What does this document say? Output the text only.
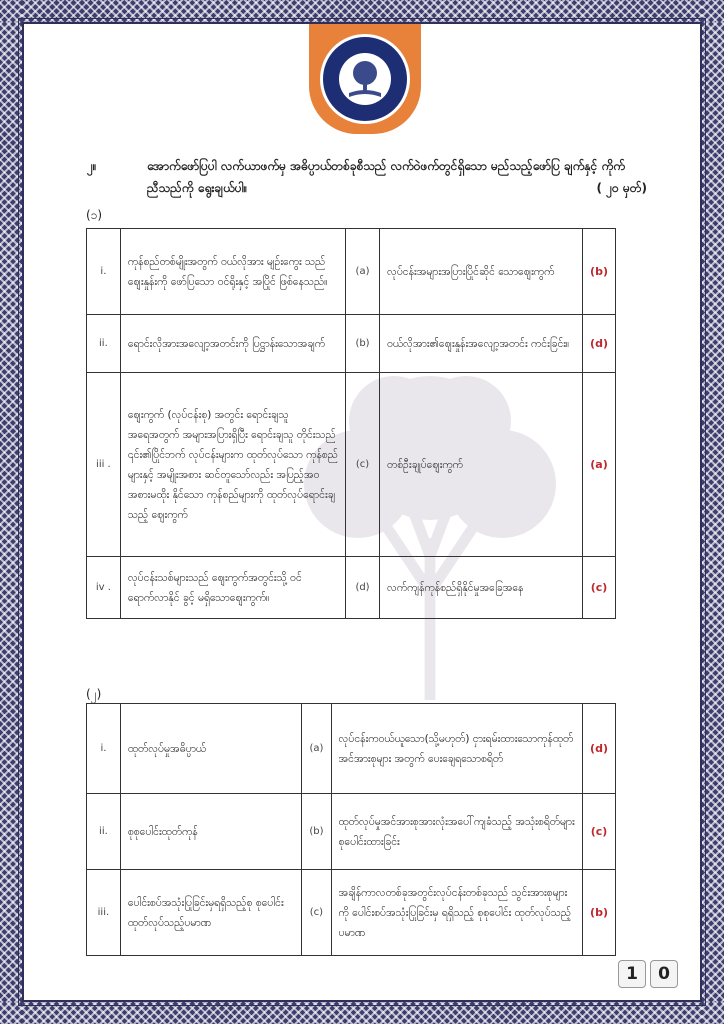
၂။	အောက်ဖော်ပြပါ လက်ယာဖက်မှ အဓိပ္ပာယ်တစ်ခုစီသည် လက်ဝဲဖက်တွင်ရှိသော မည်သည့်ဖော်ပြ ချက်နှင့် ကိုက်ညီသည်ကို ရွေးချယ်ပါ။	( ၂၀ မှတ်)
(၁)
i.	ကုန်စည်တစ်မျိုးအတွက် ဝယ်လိုအား မျဉ်းကွေး သည် ဈေးနှုန်းကို ဖော်ပြသော ဝင်ရိုးနှင့် အပြိုင် ဖြစ်နေသည်။	(a)	လုပ်ငန်းအများအပြားပြိုင်ဆိုင် သောဈေးကွက်	(b)
ii.	ရောင်းလိုအားအလျော့အတင်းကို ပြဋ္ဌာန်းသောအချက်	(b)	ဝယ်လိုအား၏ဈေးနှုန်းအလျော့အတင်း ကင်းခြင်း။	(d)
iii .	ဈေးကွက် (လုပ်ငန်းစု) အတွင်း ရောင်းချသူ အရေအတွက် အများအပြားရှိပြီး ရောင်းချသူ တိုင်းသည် ၎င်း၏ပြိုင်ဘက် လုပ်ငန်းများက ထုတ်လုပ်သော ကုန်စည်များနှင့် အမျိုးအစား ဆင်တူသော်လည်း အပြည့်အဝအစားမထိုး နိုင်သော ကုန်စည်များကို ထုတ်လုပ်ရောင်းချ သည့် ဈေးကွက်	(c)	တစ်ဦးချုပ်ဈေးကွက်	(a)
iv .	လုပ်ငန်းသစ်များသည် ဈေးကွက်အတွင်းသို့ ဝင်ရောက်လာနိုင် ခွင့် မရှိသောဈေးကွက်။	(d)	လက်ကျန်ကုန်စည်ရှိနိုင်မှုအခြေအနေ	(c)
(၂)
i.	ထုတ်လုပ်မှုအဓိပ္ပာယ်	(a)	လုပ်ငန်းကဝယ်ယူသော(သို့မဟုတ်) ငှားရမ်းထားသောကုန်ထုတ်အင်အားစုများ အတွက် ပေးချေရသောစရိတ်	(d)
ii.	စုစုပေါင်းထုတ်ကုန်	(b)	ထုတ်လုပ်မှုအင်အားစုအားလုံးအပေါ်ကျခံသည့် အသုံးစရိတ်များ စုပေါင်းထားခြင်း	(c)
iii.	ပေါင်းစပ်အသုံးပြုခြင်းမှရရှိသည့်စု စုပေါင်းထုတ်လုပ်သည့်ပမာဏ	(c)	အချိန်ကာလတစ်ခုအတွင်းလုပ်ငန်းတစ်ခုသည် သွင်းအားစုများကို ပေါင်းစပ်အသုံးပြုခြင်းမှ ရရှိသည့် စုစုပေါင်း ထုတ်လုပ်သည့် ပမာဏ	(b)
1	0
